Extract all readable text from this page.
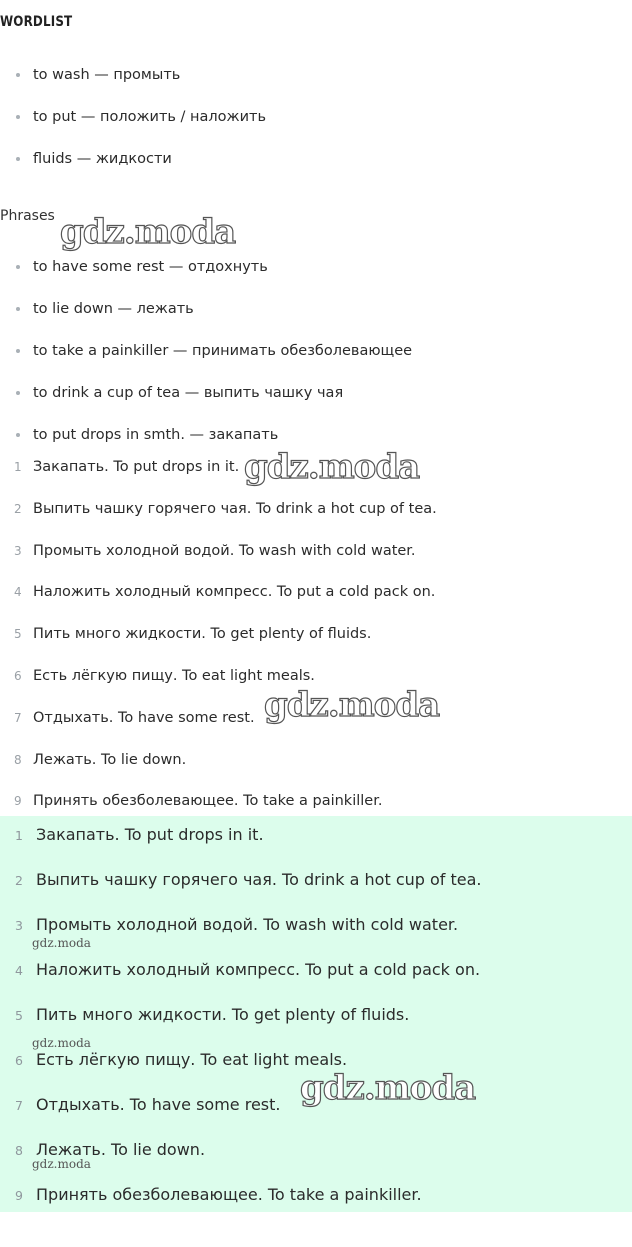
WORDLIST
to wash — промыть
to put — положить / наложить
fluids — жидкости
Phrases
to have some rest — отдохнуть
to lie down — лежать
to take a painkiller — принимать обезболевающее
to drink a cup of tea — выпить чашку чая
to put drops in smth. — закапать
1 Закапать. To put drops in it.
2 Выпить чашку горячего чая. To drink a hot cup of tea.
3 Промыть холодной водой. To wash with cold water.
4 Наложить холодный компресс. To put a cold pack on.
5 Пить много жидкости. To get plenty of fluids.
6 Есть лёгкую пищу. To eat light meals.
7 Отдыхать. To have some rest.
8 Лежать. To lie down.
9 Принять обезболевающее. To take a painkiller.
1 Закапать. To put drops in it.
2 Выпить чашку горячего чая. To drink a hot cup of tea.
3 Промыть холодной водой. To wash with cold water.
4 Наложить холодный компресс. To put a cold pack on.
5 Пить много жидкости. To get plenty of fluids.
6 Есть лёгкую пищу. To eat light meals.
7 Отдыхать. To have some rest.
8 Лежать. To lie down.
9 Принять обезболевающее. To take a painkiller.
gdz.moda
gdz.moda
gdz.moda
gdz.moda
gdz.moda
gdz.moda
gdz.moda
